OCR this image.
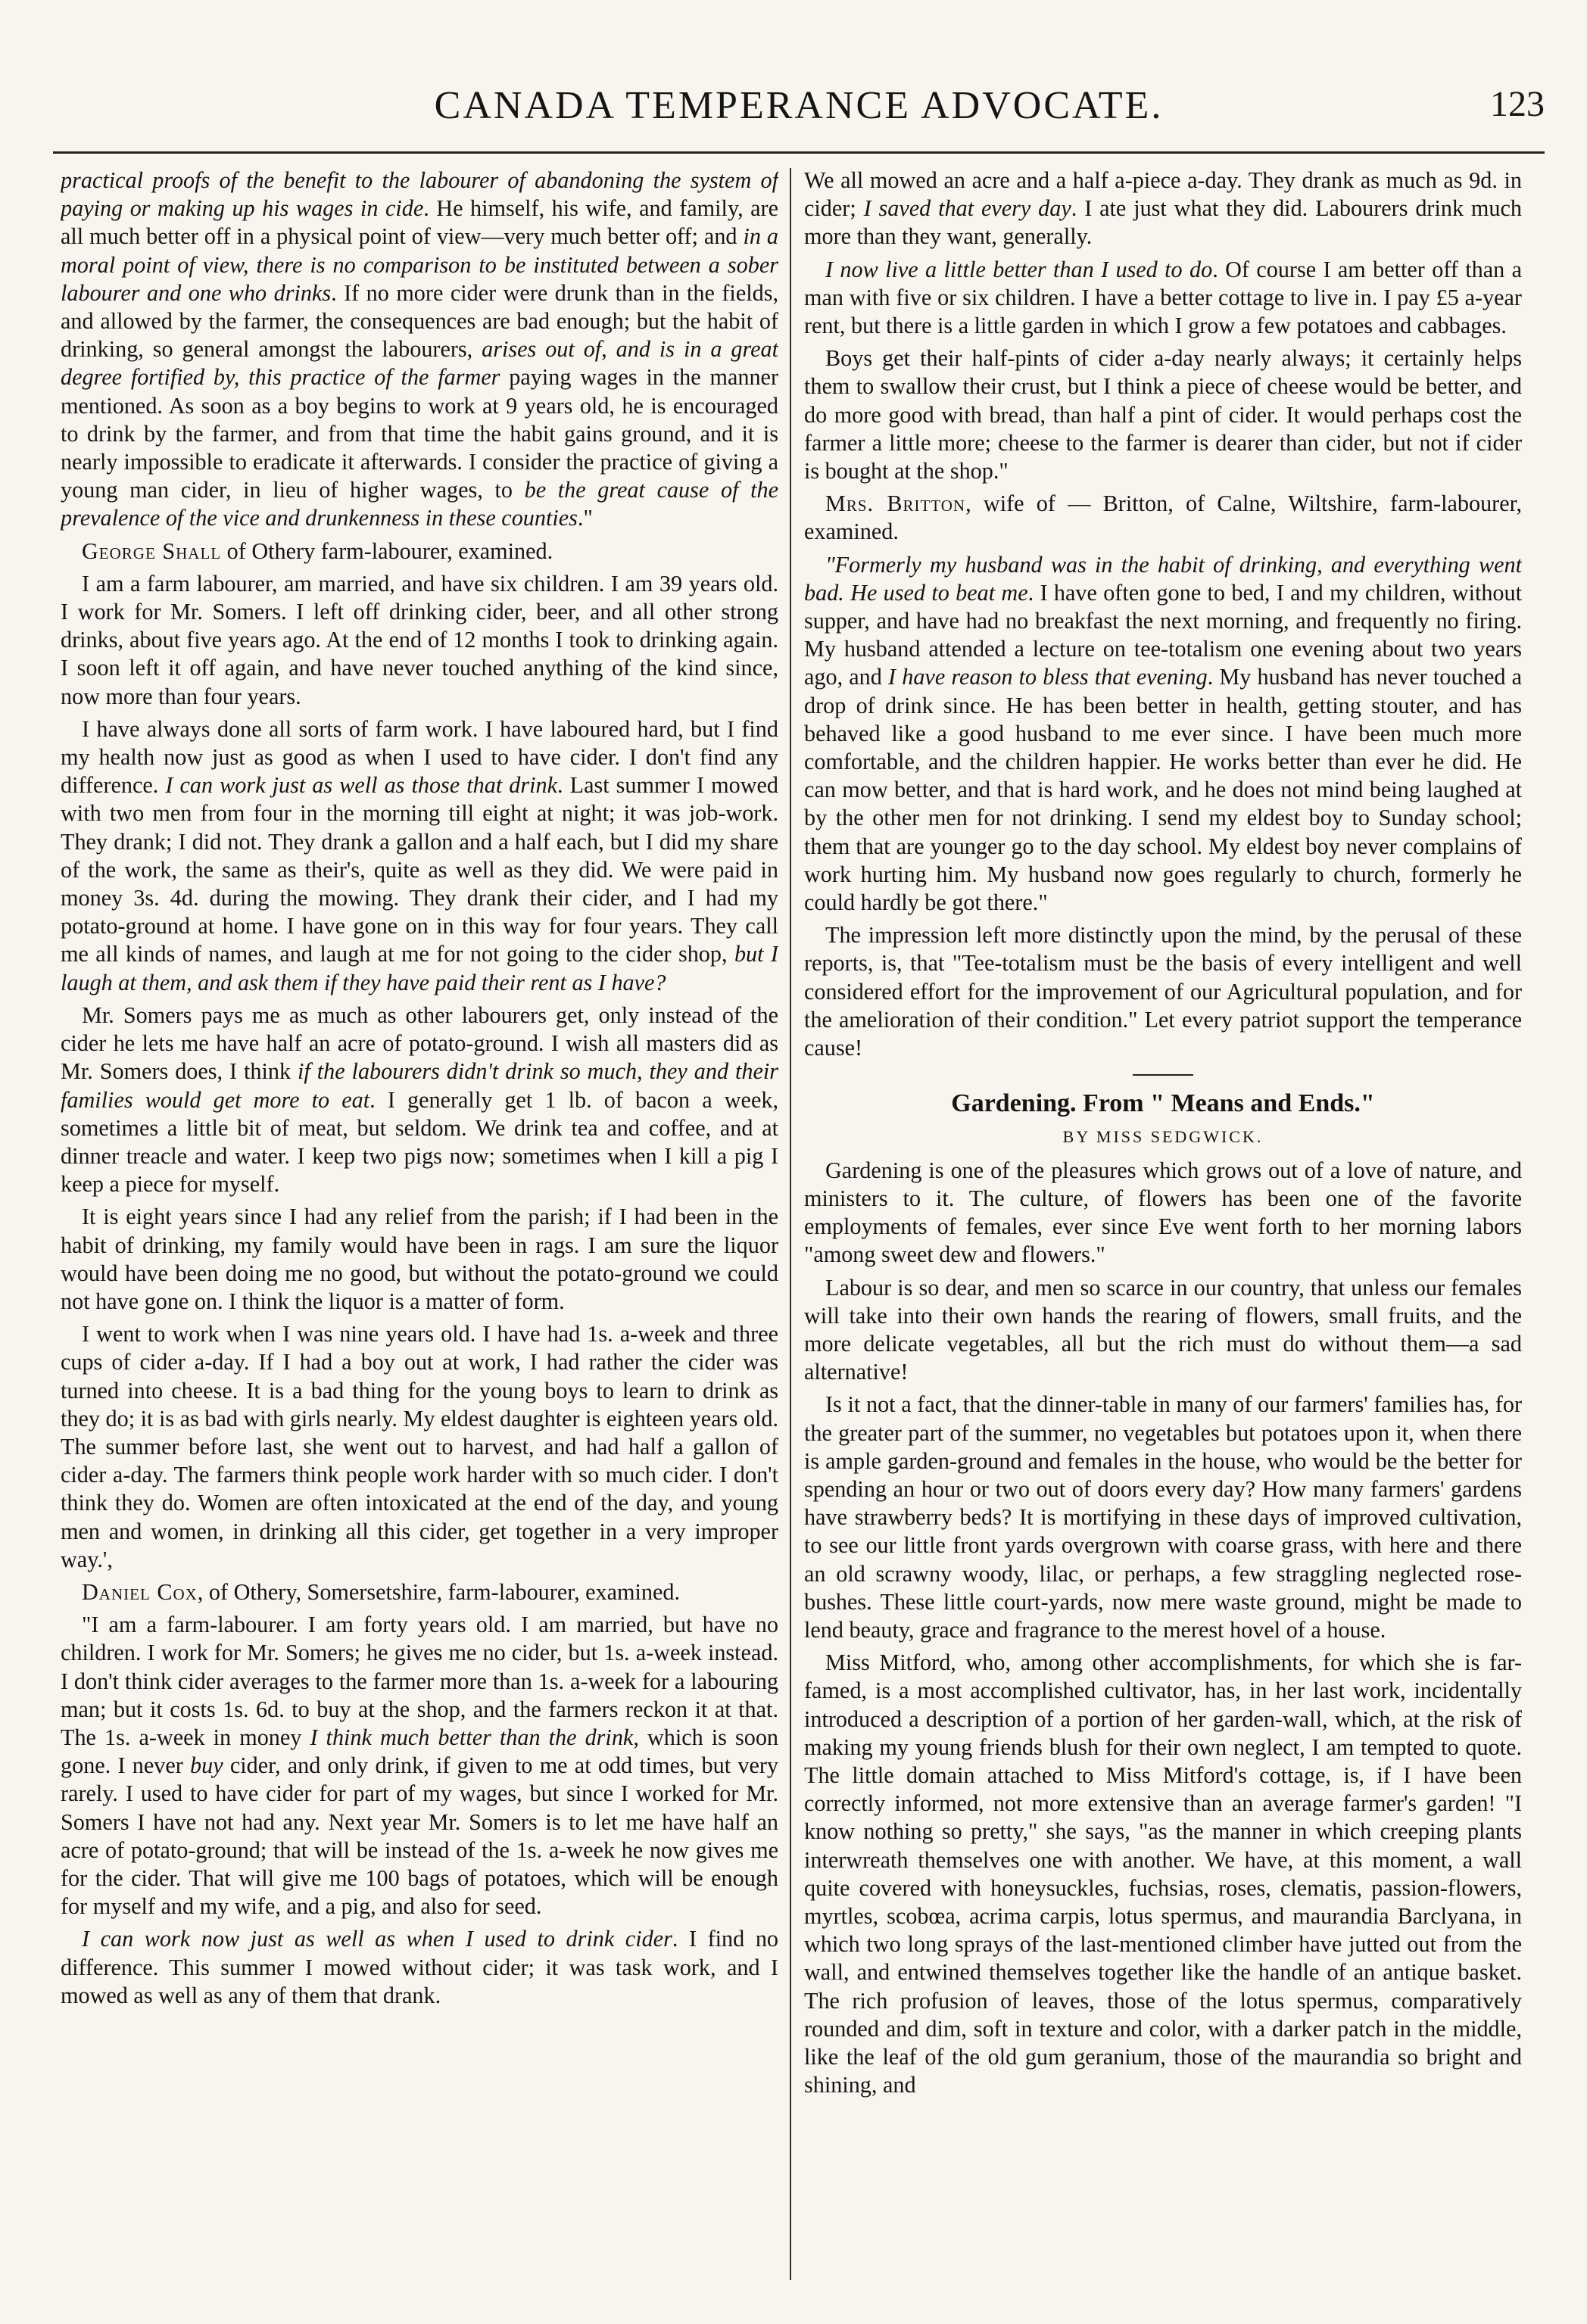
CANADA TEMPERANCE ADVOCATE.	123

practical proofs of the benefit to the labourer of abandoning the system of paying or making up his wages in cide. He himself, his wife, and family, are all much better off in a physical point of view—very much better off; and in a moral point of view, there is no comparison to be instituted between a sober labourer and one who drinks. If no more cider were drunk than in the fields, and allowed by the farmer, the consequences are bad enough; but the habit of drinking, so general amongst the labourers, arises out of, and is in a great degree fortified by, this practice of the farmer paying wages in the manner mentioned. As soon as a boy begins to work at 9 years old, he is encouraged to drink by the farmer, and from that time the habit gains ground, and it is nearly impossible to eradicate it afterwards. I consider the practice of giving a young man cider, in lieu of higher wages, to be the great cause of the prevalence of the vice and drunkenness in these counties."

George Shall of Othery farm-labourer, examined.

I am a farm labourer, am married, and have six children. I am 39 years old. I work for Mr. Somers. I left off drinking cider, beer, and all other strong drinks, about five years ago. At the end of 12 months I took to drinking again. I soon left it off again, and have never touched anything of the kind since, now more than four years.

I have always done all sorts of farm work. I have laboured hard, but I find my health now just as good as when I used to have cider. I don't find any difference. I can work just as well as those that drink. Last summer I mowed with two men from four in the morning till eight at night; it was job-work. They drank; I did not. They drank a gallon and a half each, but I did my share of the work, the same as their's, quite as well as they did. We were paid in money 3s. 4d. during the mowing. They drank their cider, and I had my potato-ground at home. I have gone on in this way for four years. They call me all kinds of names, and laugh at me for not going to the cider shop, but I laugh at them, and ask them if they have paid their rent as I have?

Mr. Somers pays me as much as other labourers get, only instead of the cider he lets me have half an acre of potato-ground. I wish all masters did as Mr. Somers does, I think if the labourers didn't drink so much, they and their families would get more to eat. I generally get 1 lb. of bacon a week, sometimes a little bit of meat, but seldom. We drink tea and coffee, and at dinner treacle and water. I keep two pigs now; sometimes when I kill a pig I keep a piece for myself.

It is eight years since I had any relief from the parish; if I had been in the habit of drinking, my family would have been in rags. I am sure the liquor would have been doing me no good, but without the potato-ground we could not have gone on. I think the liquor is a matter of form.

I went to work when I was nine years old. I have had 1s. a-week and three cups of cider a-day. If I had a boy out at work, I had rather the cider was turned into cheese. It is a bad thing for the young boys to learn to drink as they do; it is as bad with girls nearly. My eldest daughter is eighteen years old. The summer before last, she went out to harvest, and had half a gallon of cider a-day. The farmers think people work harder with so much cider. I don't think they do. Women are often intoxicated at the end of the day, and young men and women, in drinking all this cider, get together in a very improper way.',

Daniel Cox, of Othery, Somersetshire, farm-labourer, examined.

"I am a farm-labourer. I am forty years old. I am married, but have no children. I work for Mr. Somers; he gives me no cider, but 1s. a-week instead. I don't think cider averages to the farmer more than 1s. a-week for a labouring man; but it costs 1s. 6d. to buy at the shop, and the farmers reckon it at that. The 1s. a-week in money I think much better than the drink, which is soon gone. I never buy cider, and only drink, if given to me at odd times, but very rarely. I used to have cider for part of my wages, but since I worked for Mr. Somers I have not had any. Next year Mr. Somers is to let me have half an acre of potato-ground; that will be instead of the 1s. a-week he now gives me for the cider. That will give me 100 bags of potatoes, which will be enough for myself and my wife, and a pig, and also for seed.

I can work now just as well as when I used to drink cider. I find no difference. This summer I mowed without cider; it was task work, and I mowed as well as any of them that drank.

We all mowed an acre and a half a-piece a-day. They drank as much as 9d. in cider; I saved that every day. I ate just what they did. Labourers drink much more than they want, generally.

I now live a little better than I used to do. Of course I am better off than a man with five or six children. I have a better cottage to live in. I pay £5 a-year rent, but there is a little garden in which I grow a few potatoes and cabbages.

Boys get their half-pints of cider a-day nearly always; it certainly helps them to swallow their crust, but I think a piece of cheese would be better, and do more good with bread, than half a pint of cider. It would perhaps cost the farmer a little more; cheese to the farmer is dearer than cider, but not if cider is bought at the shop."

Mrs. Britton, wife of — Britton, of Calne, Wiltshire, farm-labourer, examined.

"Formerly my husband was in the habit of drinking, and everything went bad. He used to beat me. I have often gone to bed, I and my children, without supper, and have had no breakfast the next morning, and frequently no firing. My husband attended a lecture on tee-totalism one evening about two years ago, and I have reason to bless that evening. My husband has never touched a drop of drink since. He has been better in health, getting stouter, and has behaved like a good husband to me ever since. I have been much more comfortable, and the children happier. He works better than ever he did. He can mow better, and that is hard work, and he does not mind being laughed at by the other men for not drinking. I send my eldest boy to Sunday school; them that are younger go to the day school. My eldest boy never complains of work hurting him. My husband now goes regularly to church, formerly he could hardly be got there."

The impression left more distinctly upon the mind, by the perusal of these reports, is, that "Tee-totalism must be the basis of every intelligent and well considered effort for the improvement of our Agricultural population, and for the amelioration of their condition." Let every patriot support the temperance cause!

Gardening. From " Means and Ends."
BY MISS SEDGWICK.

Gardening is one of the pleasures which grows out of a love of nature, and ministers to it. The culture, of flowers has been one of the favorite employments of females, ever since Eve went forth to her morning labors "among sweet dew and flowers."

Labour is so dear, and men so scarce in our country, that unless our females will take into their own hands the rearing of flowers, small fruits, and the more delicate vegetables, all but the rich must do without them—a sad alternative!

Is it not a fact, that the dinner-table in many of our farmers' families has, for the greater part of the summer, no vegetables but potatoes upon it, when there is ample garden-ground and females in the house, who would be the better for spending an hour or two out of doors every day? How many farmers' gardens have strawberry beds? It is mortifying in these days of improved cultivation, to see our little front yards overgrown with coarse grass, with here and there an old scrawny woody, lilac, or perhaps, a few straggling neglected rose-bushes. These little court-yards, now mere waste ground, might be made to lend beauty, grace and fragrance to the merest hovel of a house.

Miss Mitford, who, among other accomplishments, for which she is far-famed, is a most accomplished cultivator, has, in her last work, incidentally introduced a description of a portion of her garden-wall, which, at the risk of making my young friends blush for their own neglect, I am tempted to quote. The little domain attached to Miss Mitford's cottage, is, if I have been correctly informed, not more extensive than an average farmer's garden! "I know nothing so pretty," she says, "as the manner in which creeping plants interwreath themselves one with another. We have, at this moment, a wall quite covered with honeysuckles, fuchsias, roses, clematis, passion-flowers, myrtles, scobœa, acrima carpis, lotus spermus, and maurandia Barclyana, in which two long sprays of the last-mentioned climber have jutted out from the wall, and entwined themselves together like the handle of an antique basket. The rich profusion of leaves, those of the lotus spermus, comparatively rounded and dim, soft in texture and color, with a darker patch in the middle, like the leaf of the old gum geranium, those of the maurandia so bright and shining, and
